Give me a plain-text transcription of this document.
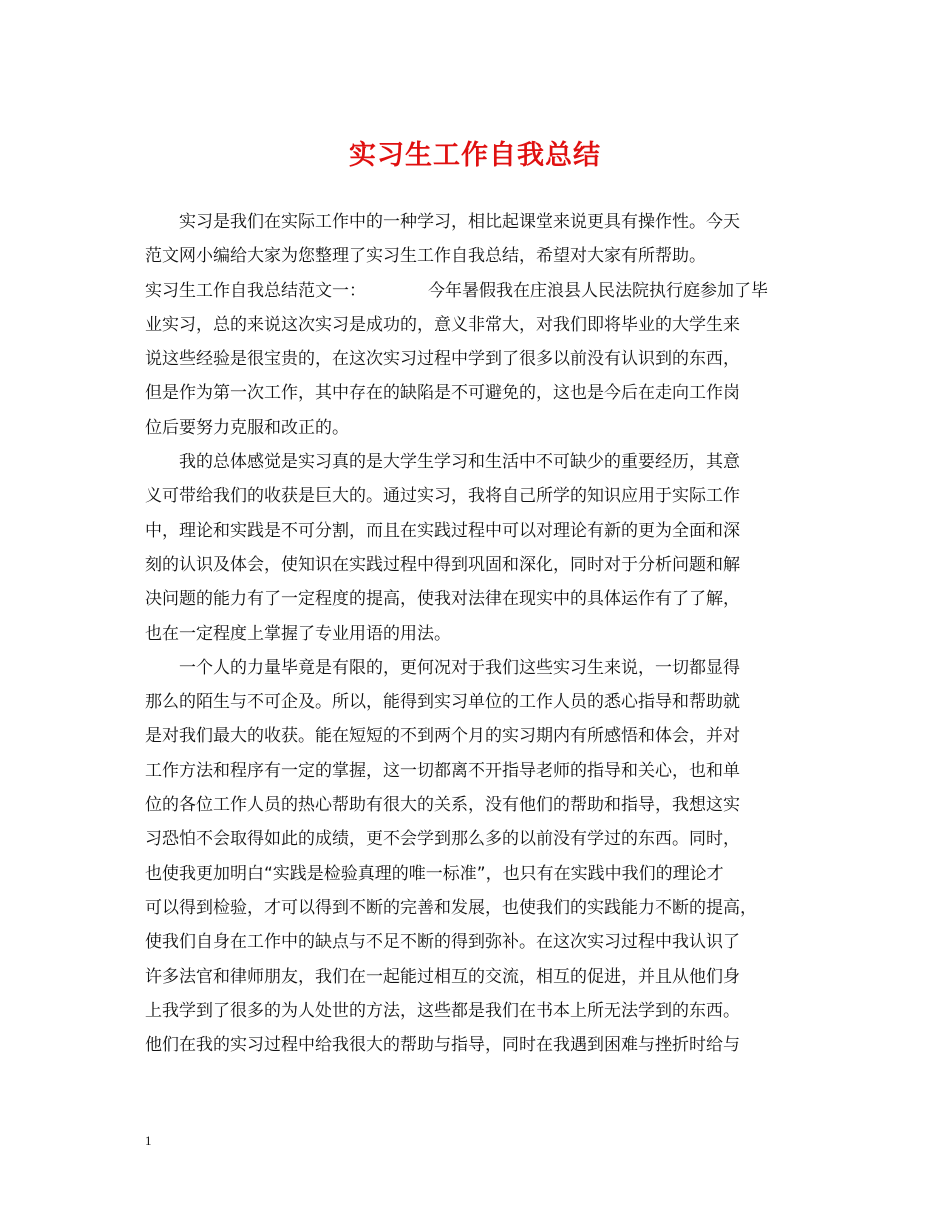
实习生工作自我总结
实习是我们在实际工作中的一种学习，相比起课堂来说更具有操作性。今天
范文网小编给大家为您整理了实习生工作自我总结，希望对大家有所帮助。
实习生工作自我总结范文一：	今年暑假我在庄浪县人民法院执行庭参加了毕
业实习，总的来说这次实习是成功的，意义非常大，对我们即将毕业的大学生来
说这些经验是很宝贵的，在这次实习过程中学到了很多以前没有认识到的东西，
但是作为第一次工作，其中存在的缺陷是不可避免的，这也是今后在走向工作岗
位后要努力克服和改正的。
我的总体感觉是实习真的是大学生学习和生活中不可缺少的重要经历，其意
义可带给我们的收获是巨大的。通过实习，我将自己所学的知识应用于实际工作
中，理论和实践是不可分割，而且在实践过程中可以对理论有新的更为全面和深
刻的认识及体会，使知识在实践过程中得到巩固和深化，同时对于分析问题和解
决问题的能力有了一定程度的提高，使我对法律在现实中的具体运作有了了解，
也在一定程度上掌握了专业用语的用法。
一个人的力量毕竟是有限的，更何况对于我们这些实习生来说，一切都显得
那么的陌生与不可企及。所以，能得到实习单位的工作人员的悉心指导和帮助就
是对我们最大的收获。能在短短的不到两个月的实习期内有所感悟和体会，并对
工作方法和程序有一定的掌握，这一切都离不开指导老师的指导和关心，也和单
位的各位工作人员的热心帮助有很大的关系，没有他们的帮助和指导，我想这实
习恐怕不会取得如此的成绩，更不会学到那么多的以前没有学过的东西。同时，
也使我更加明白“实践是检验真理的唯一标准”，也只有在实践中我们的理论才
可以得到检验，才可以得到不断的完善和发展，也使我们的实践能力不断的提高，
使我们自身在工作中的缺点与不足不断的得到弥补。在这次实习过程中我认识了
许多法官和律师朋友，我们在一起能过相互的交流，相互的促进，并且从他们身
上我学到了很多的为人处世的方法，这些都是我们在书本上所无法学到的东西。
他们在我的实习过程中给我很大的帮助与指导，同时在我遇到困难与挫折时给与
1
